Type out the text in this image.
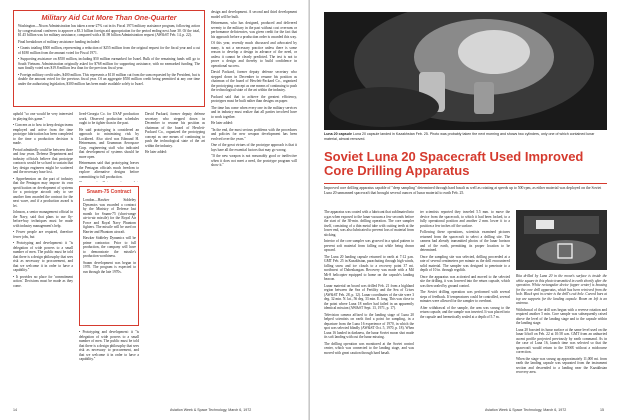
Military Aid Cut More Than One-Quarter

Washington—Nixon Administration has taken a near-27% cut in its Fiscal 1973 military assistance program, following action by congressional conferees to approve a $3.3 billion foreign aid appropriation for the period ending next June 30. Of the total, $1.45 billion was for military assistance, compared with a $1.98 billion Administration request (AW&ST Feb. 14, p. 22).

Final breakdown of military assistance funding included:

• Grants totaling $500 million, representing a reduction of $255 million from the original request for the fiscal year and a cut of $180 million from the amount voted for Fiscal 1971.

• Supporting assistance on $550 million, including $50 million earmarked for Israel. Bulk of the remaining funds will go to South Vietnam. Administration originally asked for $768 million for supporting assistance, with no earmarked funding. The sum finally voted was $19.8 million less than for the previous fiscal year.

• Foreign military credit sales, $400 million. This represents a $110 million cut from the sum requested by the President, but is double the amount voted for the previous fiscal year. Of an aggregate $550 million credit being permitted at any one time under the authorizing legislation, $300 million has been made available solely to Israel.

uphold "so one would be very interested in playing this game."

• Concern as to how to keep design teams employed and active from the time prototype fabrication has been completed to the time a production decision is made.

Period admittedly could be between three and four years. Defense Department and industry officials believe that prototype contracts would be so hard to sustain that key design engineers might be scattered and the necessary base lost.

• Apprehension on the part of industry that the Pentagon may impose its own specification on development of systems for a prototype aircraft only to see another firm awarded the contract for the next wave, and if a production award is let.

Johnson, a senior management official in the Navy, said that plans to use fly-before-buy techniques must be made with industry management's help.

• Fewer people are required, therefore fewer jobs, but

• Prototyping and development: it "is delegation of wide powers to a small number of men. The public must be told that there is a design philosophy that sees risk as necessary to procurement, and that we welcome it in order to have a capability."

• It provides no place for 'commitment action.' Decisions must be made as they come.

lived-Georgia Co. for USAF production work. Observed production schedules ought to be tighter than in the past.

He said prototyping is considered an approach to minimizing risk by Lockheed. Also cited was Edmund H. Heinemann, and Grumman Aerospace Corp. engineering staff who indicated that development of systems should be more open.

Heinemann said that prototyping leaves the Pentagon officials much freedom to explore alternative designs before committing to full production.

Sraam-75 Contract

London—Hawker Siddeley Dynamics was awarded a contract by the Ministry of Defense last month for Sraam-75 (short-range air-to-air missile) for the Royal Air Force and Royal Navy Phantom fighters. The missile will be used on Harrier and Phantom aircraft.

Hawker Siddeley Dynamics will be prime contractor. Prior to full production, the company will have to demonstrate the missile's production worthiness.

Sraam development was begun in 1970. The program is expected to run through the late 1970s.

• Prototyping and development: it "is delegation of wide powers to a small number of men. The public must be told that there is a design philosophy that sees risk as necessary to procurement, and that we welcome it in order to have a capability."

design and development. A second and third development model will be built.

Heinemann, who has designed, produced and delivered seventy to the military in the past without cost overruns or performance deficiencies, was given credit for the fact that his approach before a production order is awarded this way.

Of this year, recently much discussed and advocated by many, is not a necessary practice unless there is some reason to develop a design in advance of the need, or unless it cannot be clearly predicted. The test is not to prove a design and thereby to build confidence in operational success.

David Packard, former deputy defense secretary who stepped down in December to resume his position as chairman of the board of Hewlett-Packard Co., organized the prototyping concept as one means of continuing to push the technological state of the art within the industry.

Packard said that to achieve the greatest efficiency, prototypes must be built rather than designs on paper.

The time has come when every one in the military services and in industry must realize that all parties involved have to work together.

He later added:

"In the end, the most serious problems with the procedures and policies for new weapon development has been evolved over the years."

One of the great virtues of the prototype approach is that it lays bare all the essential factors that may go wrong.

"If the new weapon is not reasonably good or ineffective when it does not meet a need, the prototype program will show it."

David Packard, former deputy defense secretary who stepped down in December to resume his position as chairman of the board of Hewlett-Packard Co., organized the prototyping concept as one means of continuing to push the technological state of the art within the industry.

He later added:

14	Aviation Week & Space Technology, March 6, 1972
Luna 20 capsule Luna 20 capsule landed in Kazakhstan Feb. 25. Photo was probably taken the next morning and shows two cylinders, only one of which contained lunar material, almost removed.
Soviet Luna 20 Spacecraft Used Improved Core Drilling Apparatus
Improved core drilling apparatus capable of "deep sampling" determined through hard basalt as well as rotating at speeds up to 500 rpm, as either material was deployed on the Soviet Luna 20 unmanned spacecraft that brought several ounces of lunar material to earth Feb. 25.

The apparatus was coated with a lubricant that sublimated into a gas when exposed to the lunar vacuum a few seconds before the start of the 30-min. drilling operation. The core sampler itself, consisting of a thin metal tube with cutting teeth at the lower end, was also lubricated to prevent loss of material from sticking.

Interior of the core sampler was grooved in a spiral pattern to prevent soft material from falling out while being drawn upward.

The Luna 20 landing capsule returned to earth at 7:12 p.m. GMT Feb. 25 in Kazakhstan, parachuting through high winds, falling snow and ice clouds to a recovery point 37 mi. northwest of Dzhezkazgan. Recovery was made with a Mil Mi-8 helicopter equipped to home on the capsule's landing beacon.

Lunar material on board was drilled Feb. 21 from a highland region between the Sea of Fertility and the Sea of Crises (AW&ST Feb. 28, p. 12). Lunar coordinates of the site were 3 deg. 32 min. N. lat., 56 deg. 33 min. E. long. This was close to the point where Luna 18 earlier had failed in an apparently identical mission (AW&ST Sept. 13, 1971, p. 17).

Television camera affixed to the landing stage of Luna 20 helped scientists on earth find a point for sampling, in a departure from the Luna 16 experience of 1970, in which the spot was selected blindly (AW&ST Oct. 5, 1970, p. 18). When Luna 16 landed in darkness, the lunar Soviet moon shot made its soft landing with out the lunar missing.

The drilling operation was monitored at the Soviet control center, which was connected to the landing stage, and was moved with great caution through hard basalt.

ter scientists reported they traveled 5.5 mm. to move the device from the spacecraft, to which it had been locked, to a fully operational position and another 2 mm. lower it to a position a few inches off the surface.

Following these operations, scientists examined pictures returned from the spacecraft to select a drilling site. The camera had already transmitted photos of the lunar horizon and of the earth, permitting its proper location to be determined.

Once the sampling site was selected, drilling proceeded at a rate of several centimeters per minute as the drill encountered solid material. The sampler was designed to penetrate to a depth of 10 in. through regolith.

Once the apparatus was activated and moved to the selected site the drilling, it was lowered into the return capsule, which was then sealed by ground control.

The Soviet drilling operation was performed with several steps of feedback. If temperatures could be controlled, several minutes were allowed for the sampler to overheat.

After withdrawal of the sample, the arm was swung to the return capsule, and the sample was inserted. It was placed into the capsule and hermetically sealed at a depth of 5.7 m.

Rita drilled by Luna 20 in the moon's surface is inside the white square in this photo transmitted in earth shortly after the operation. White rectangular device (upper center) is housing for the core drill apparatus, which has been retrieved from the hole. Black spot in center is the drill's exit hole. Curved bars at top are supports for the landing capsule. Boom on left is an antenna.

Withdrawal of the drill was begun with a reverse rotation and required another 5 min. Core sample was subsequently raised above the level of the landing stage and to the capsule within the landing stage.

Luna 20 boosted its lunar surface at the same level used on the lunar liftoff on Feb. 22 at 10:58 a.m. GMT from an unhurried ascent profile projected previously by earth command. As in the case of Luna 16, launch time was selected so that the spacecraft would return to the USSR without a midcourse correction.

When the stage was swung up approximately 11,000 mi. from earth the landing capsule was separated from the instrument section and descended to a landing near the Kazakhstan recovery area.

Aviation Week & Space Technology, March 6, 1972	15
